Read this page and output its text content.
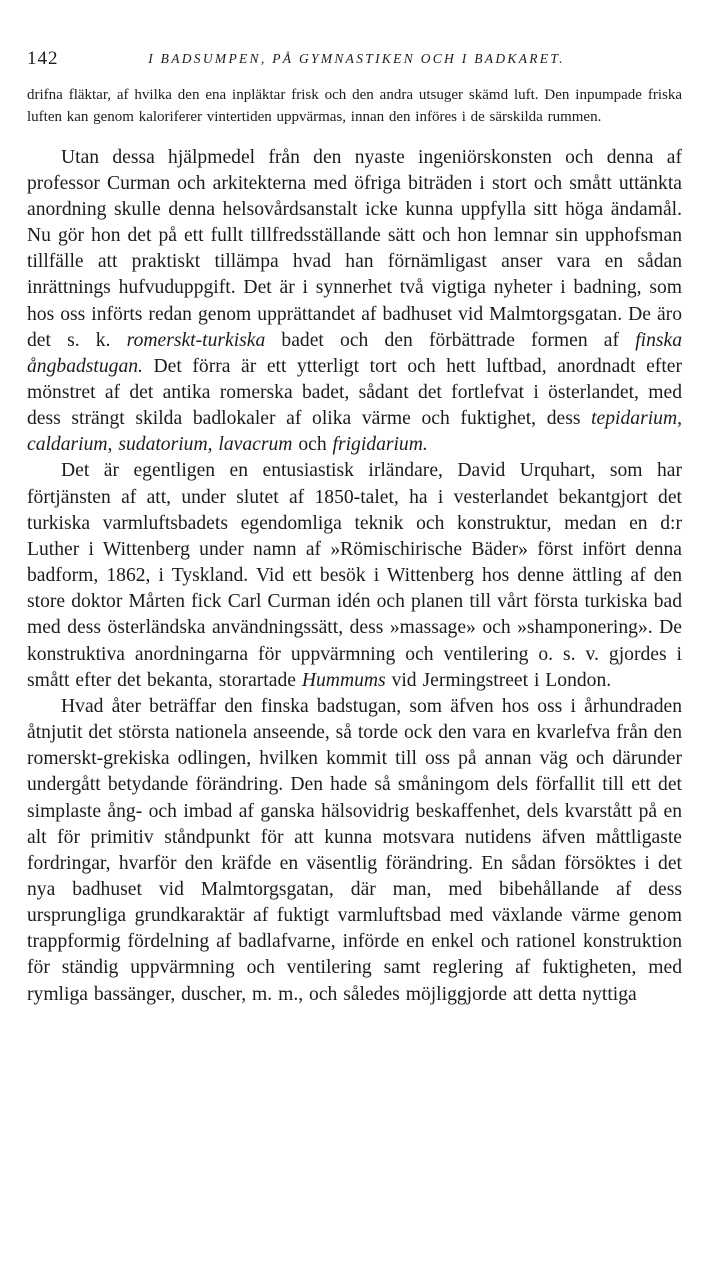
142	I BADSUMPEN, PÅ GYMNASTIKEN OCH I BADKARET.

drifna fläktar, af hvilka den ena inpläktar frisk och den andra utsuger skämd luft. Den inpumpade friska luften kan genom kaloriferer vintertiden uppvärmas, innan den införes i de särskilda rummen.

Utan dessa hjälpmedel från den nyaste ingeniörskonsten och denna af professor Curman och arkitekterna med öfriga biträden i stort och smått uttänkta anordning skulle denna helsovårdsanstalt icke kunna uppfylla sitt höga ändamål. Nu gör hon det på ett fullt tillfredsställande sätt och hon lemnar sin upphofsman tillfälle att praktiskt tillämpa hvad han förnämligast anser vara en sådan inrättnings hufvuduppgift. Det är i synnerhet två vigtiga nyheter i badning, som hos oss införts redan genom upprättandet af badhuset vid Malmtorgsgatan. De äro det s. k. romerskt-turkiska badet och den förbättrade formen af finska ångbadstugan. Det förra är ett ytterligt tort och hett luftbad, anordnadt efter mönstret af det antika romerska badet, sådant det fortlefvat i österlandet, med dess strängt skilda badlokaler af olika värme och fuktighet, dess tepidarium, caldarium, sudatorium, lavacrum och frigidarium.

Det är egentligen en entusiastisk irländare, David Urquhart, som har förtjänsten af att, under slutet af 1850-talet, ha i vesterlandet bekantgjort det turkiska varmluftsbadets egendomliga teknik och konstruktur, medan en d:r Luther i Wittenberg under namn af »Römischirische Bäder» först infört denna badform, 1862, i Tyskland. Vid ett besök i Wittenberg hos denne ättling af den store doktor Mårten fick Carl Curman idén och planen till vårt första turkiska bad med dess österländska användningssätt, dess »massage» och »shamponering». De konstruktiva anordningarna för uppvärmning och ventilering o. s. v. gjordes i smått efter det bekanta, storartade Hummums vid Jermingstreet i London.

Hvad åter beträffar den finska badstugan, som äfven hos oss i århundraden åtnjutit det största nationela anseende, så torde ock den vara en kvarlefva från den romerskt-grekiska odlingen, hvilken kommit till oss på annan väg och därunder undergått betydande förändring. Den hade så småningom dels förfallit till ett det simplaste ång- och imbad af ganska hälsovidrig beskaffenhet, dels kvarstått på en alt för primitiv ståndpunkt för att kunna motsvara nutidens äfven måttligaste fordringar, hvarför den kräfde en väsentlig förändring. En sådan försöktes i det nya badhuset vid Malmtorgsgatan, där man, med bibehållande af dess ursprungliga grundkaraktär af fuktigt varmluftsbad med växlande värme genom trappformig fördelning af badlafvarne, införde en enkel och rationel konstruktion för ständig uppvärmning och ventilering samt reglering af fuktigheten, med rymliga bassänger, duscher, m. m., och således möjliggjorde att detta nyttiga
